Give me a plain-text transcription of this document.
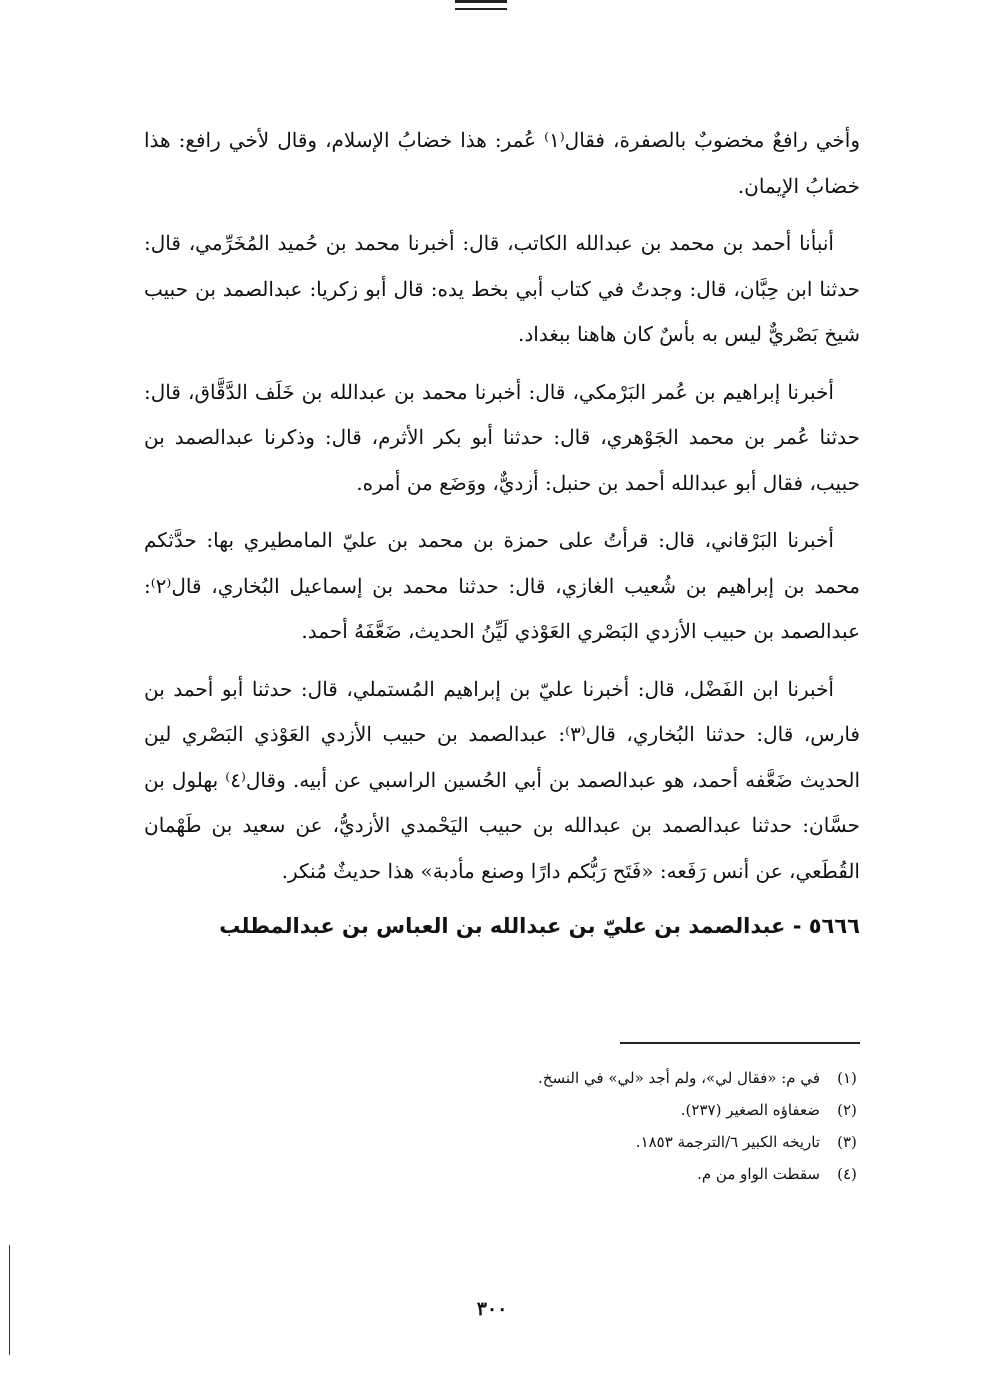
وأخي رافعٌ مخضوبٌ بالصفرة، فقال⁽١⁾ عُمر: هذا خضابُ الإسلام، وقال لأخي رافع: هذا خضابُ الإيمان.

أنبأنا أحمد بن محمد بن عبدالله الكاتب، قال: أخبرنا محمد بن حُميد المُخَرِّمي، قال: حدثنا ابن حِبَّان، قال: وجدتُ في كتاب أبي بخط يده: قال أبو زكريا: عبدالصمد بن حبيب شيخ بَصْريٌّ ليس به بأسٌ كان هاهنا ببغداد.

أخبرنا إبراهيم بن عُمر البَرْمكي، قال: أخبرنا محمد بن عبدالله بن خَلَف الدَّقَّاق، قال: حدثنا عُمر بن محمد الجَوْهري، قال: حدثنا أبو بكر الأثرم، قال: وذكرنا عبدالصمد بن حبيب، فقال أبو عبدالله أحمد بن حنبل: أزديٌّ، ووَضَع من أمره.

أخبرنا البَرْقاني، قال: قرأتُ على حمزة بن محمد بن عليّ المامطيري بها: حدَّثكم محمد بن إبراهيم بن شُعيب الغازي، قال: حدثنا محمد بن إسماعيل البُخاري، قال⁽٢⁾: عبدالصمد بن حبيب الأزدي البَصْري العَوْذي لَيِّنُ الحديث، ضَعَّفَهُ أحمد.

أخبرنا ابن الفَضْل، قال: أخبرنا عليّ بن إبراهيم المُستملي، قال: حدثنا أبو أحمد بن فارس، قال: حدثنا البُخاري، قال⁽٣⁾: عبدالصمد بن حبيب الأزدي العَوْذي البَصْري لين الحديث ضَعَّفه أحمد، هو عبدالصمد بن أبي الحُسين الراسبي عن أبيه. وقال⁽٤⁾ بهلول بن حسَّان: حدثنا عبدالصمد بن عبدالله بن حبيب اليَحْمدي الأزديُّ، عن سعيد بن طَهْمان القُطَعي، عن أنس رَفَعه: «فَتَح رَبُّكم دارًا وصنع مأدبة» هذا حديثٌ مُنكر.

٥٦٦٦ - عبدالصمد بن عليّ بن عبدالله بن العباس بن عبدالمطلب
(١)
في م: «فقال لي»، ولم أجد «لي» في النسخ.
(٢)
ضعفاؤه الصغير (٢٣٧).
(٣)
تاريخه الكبير ٦/الترجمة ١٨٥٣.
(٤)
سقطت الواو من م.
٣٠٠
